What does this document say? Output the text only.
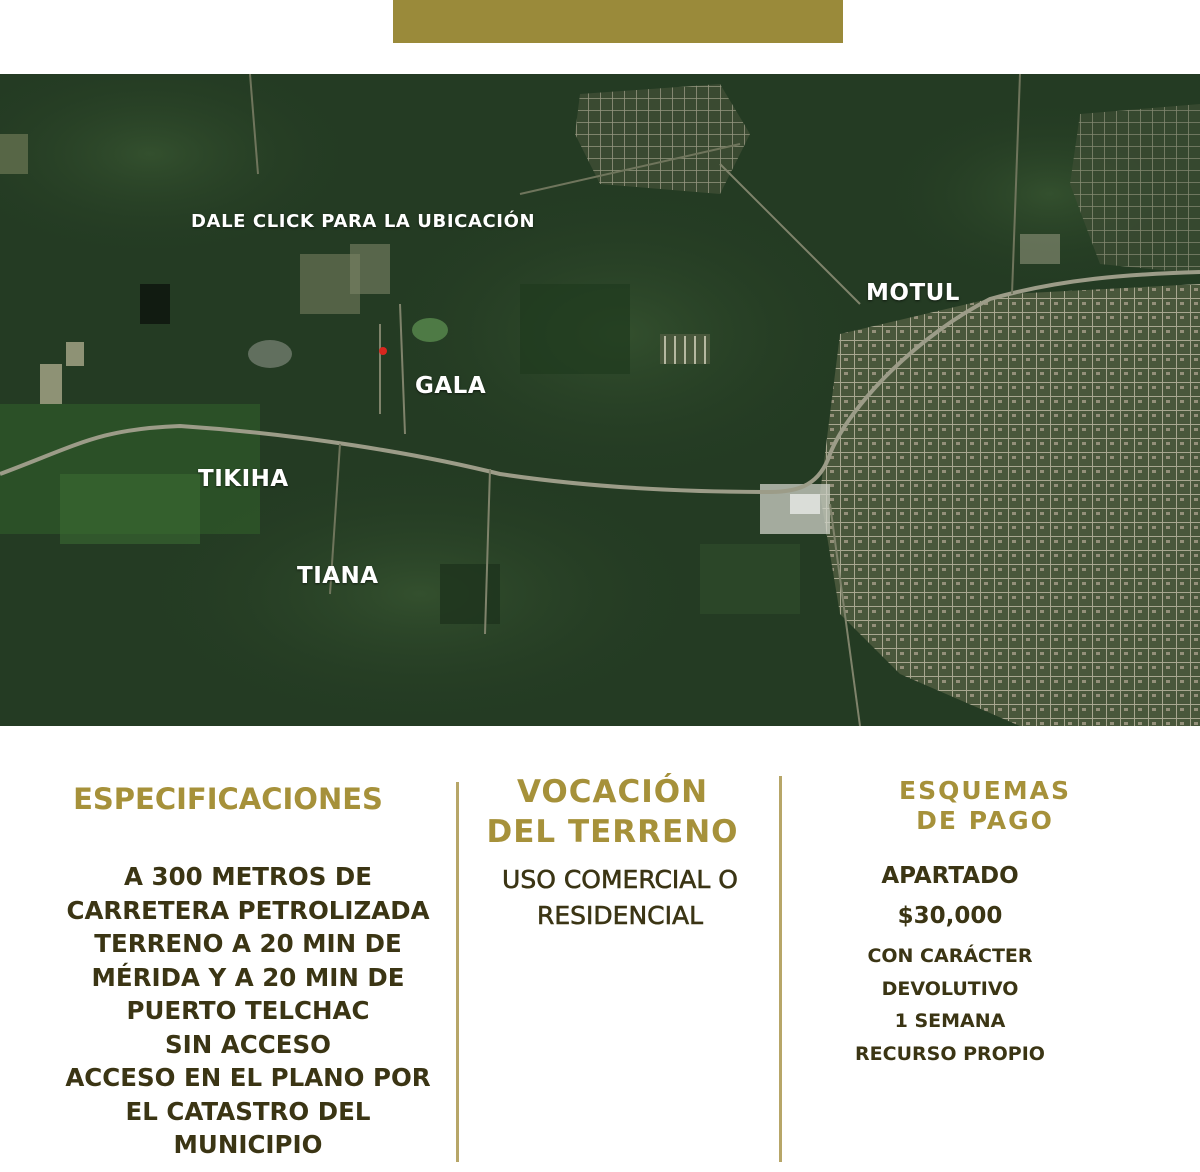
DALE CLICK PARA LA UBICACIÓN
MOTUL
GALA
TIKIHA
TIANA
ESPECIFICACIONES
A 300 METROS DE
CARRETERA PETROLIZADA
TERRENO A 20 MIN DE
MÉRIDA Y A 20 MIN DE
PUERTO TELCHAC
SIN ACCESO
ACCESO EN EL PLANO POR
EL CATASTRO DEL
MUNICIPIO
VOCACIÓN
DEL TERRENO
USO COMERCIAL O
RESIDENCIAL
ESQUEMAS
DE PAGO
APARTADO
$30,000
CON CARÁCTER
DEVOLUTIVO
1 SEMANA
RECURSO PROPIO
